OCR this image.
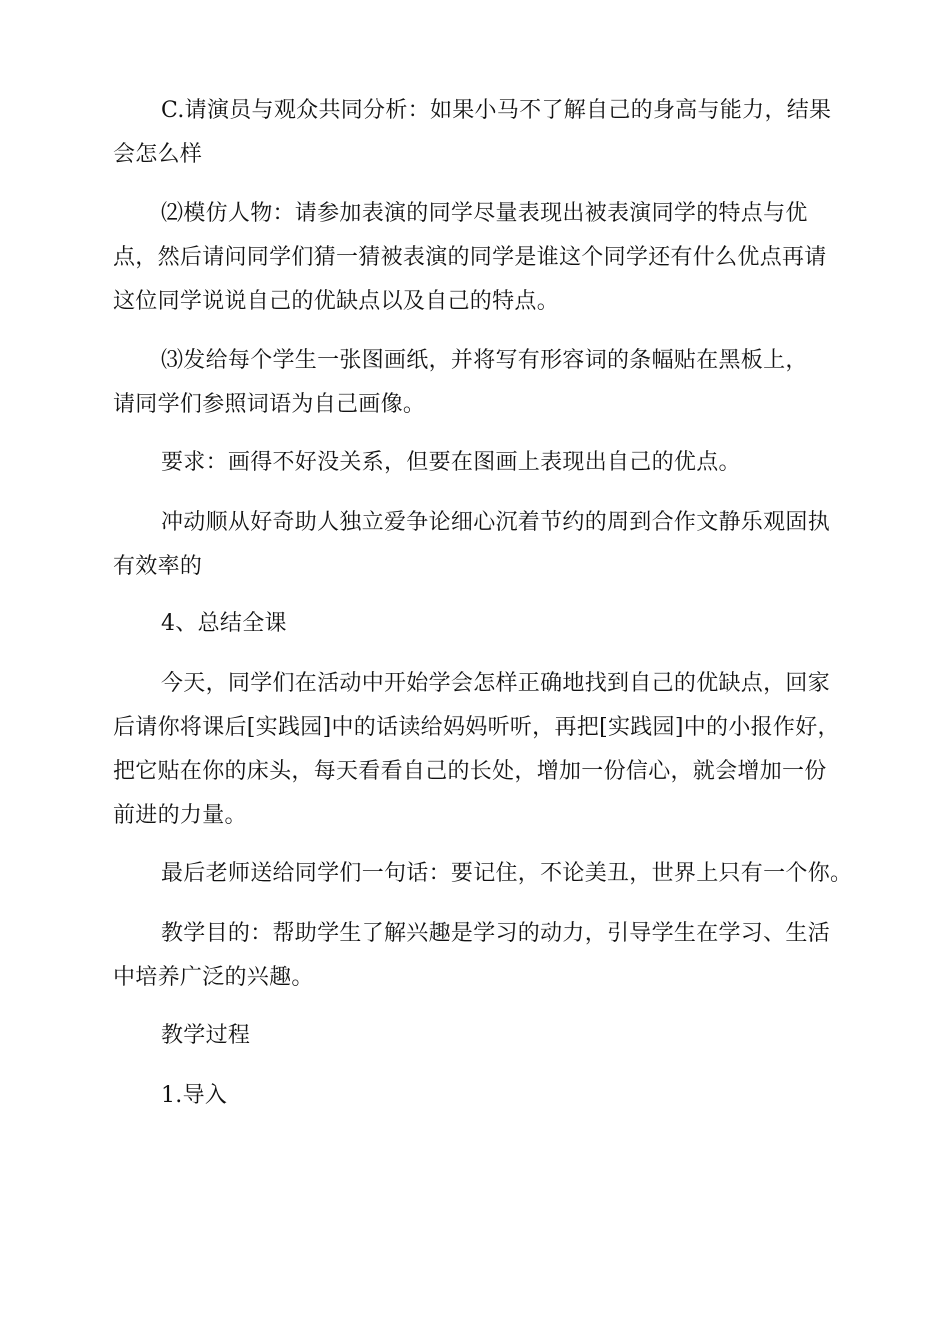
C.请演员与观众共同分析：如果小马不了解自己的身高与能力，结果
会怎么样

⑵模仿人物：请参加表演的同学尽量表现出被表演同学的特点与优
点，然后请问同学们猜一猜被表演的同学是谁这个同学还有什么优点再请
这位同学说说自己的优缺点以及自己的特点。

⑶发给每个学生一张图画纸，并将写有形容词的条幅贴在黑板上，
请同学们参照词语为自己画像。

要求：画得不好没关系，但要在图画上表现出自己的优点。

冲动顺从好奇助人独立爱争论细心沉着节约的周到合作文静乐观固执
有效率的

4、总结全课

今天，同学们在活动中开始学会怎样正确地找到自己的优缺点，回家
后请你将课后[实践园]中的话读给妈妈听听，再把[实践园]中的小报作好，
把它贴在你的床头，每天看看自己的长处，增加一份信心，就会增加一份
前进的力量。

最后老师送给同学们一句话：要记住，不论美丑，世界上只有一个你。

教学目的：帮助学生了解兴趣是学习的动力，引导学生在学习、生活
中培养广泛的兴趣。

教学过程

1.导入
